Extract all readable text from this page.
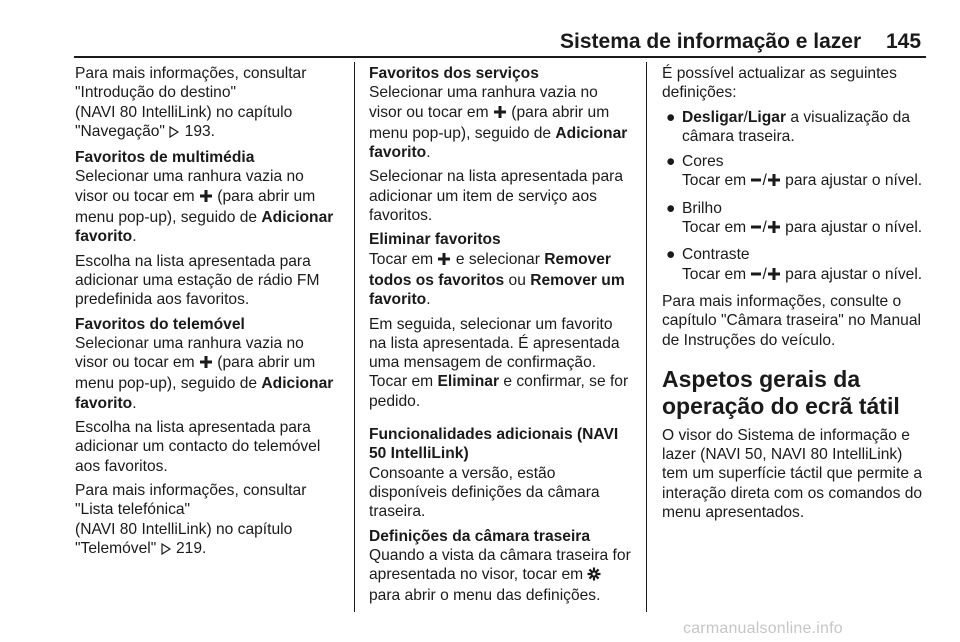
Sistema de informação e lazer 145

Para mais informações, consultar
"Introdução do destino"
(NAVI 80 IntelliLink) no capítulo
"Navegação" 193.

Favoritos de multimédia

Selecionar uma ranhura vazia no visor ou tocar em (para abrir um menu pop-up), seguido de Adicionar favorito.

Escolha na lista apresentada para adicionar uma estação de rádio FM predefinida aos favoritos.

Favoritos do telemóvel

Selecionar uma ranhura vazia no visor ou tocar em (para abrir um menu pop-up), seguido de Adicionar favorito.

Escolha na lista apresentada para adicionar um contacto do telemóvel aos favoritos.

Para mais informações, consultar
"Lista telefónica"
(NAVI 80 IntelliLink) no capítulo
"Telemóvel" 219.

Favoritos dos serviços

Selecionar uma ranhura vazia no visor ou tocar em (para abrir um menu pop-up), seguido de Adicionar favorito.

Selecionar na lista apresentada para adicionar um item de serviço aos favoritos.

Eliminar favoritos

Tocar em e selecionar Remover todos os favoritos ou Remover um favorito.

Em seguida, selecionar um favorito na lista apresentada. É apresentada uma mensagem de confirmação. Tocar em Eliminar e confirmar, se for pedido.

Funcionalidades adicionais (NAVI 50 IntelliLink)

Consoante a versão, estão disponíveis definições da câmara traseira.

Definições da câmara traseira

Quando a vista da câmara traseira for apresentada no visor, tocar em  para abrir o menu das definições.

É possível actualizar as seguintes definições:

● Desligar/Ligar a visualização da câmara traseira.
● Cores
Tocar em / para ajustar o nível.
● Brilho
Tocar em / para ajustar o nível.
● Contraste
Tocar em / para ajustar o nível.

Para mais informações, consulte o capítulo "Câmara traseira" no Manual de Instruções do veículo.

Aspetos gerais da operação do ecrã tátil

O visor do Sistema de informação e lazer (NAVI 50, NAVI 80 IntelliLink) tem um superfície táctil que permite a interação direta com os comandos do menu apresentados.

carmanualsonline.info
